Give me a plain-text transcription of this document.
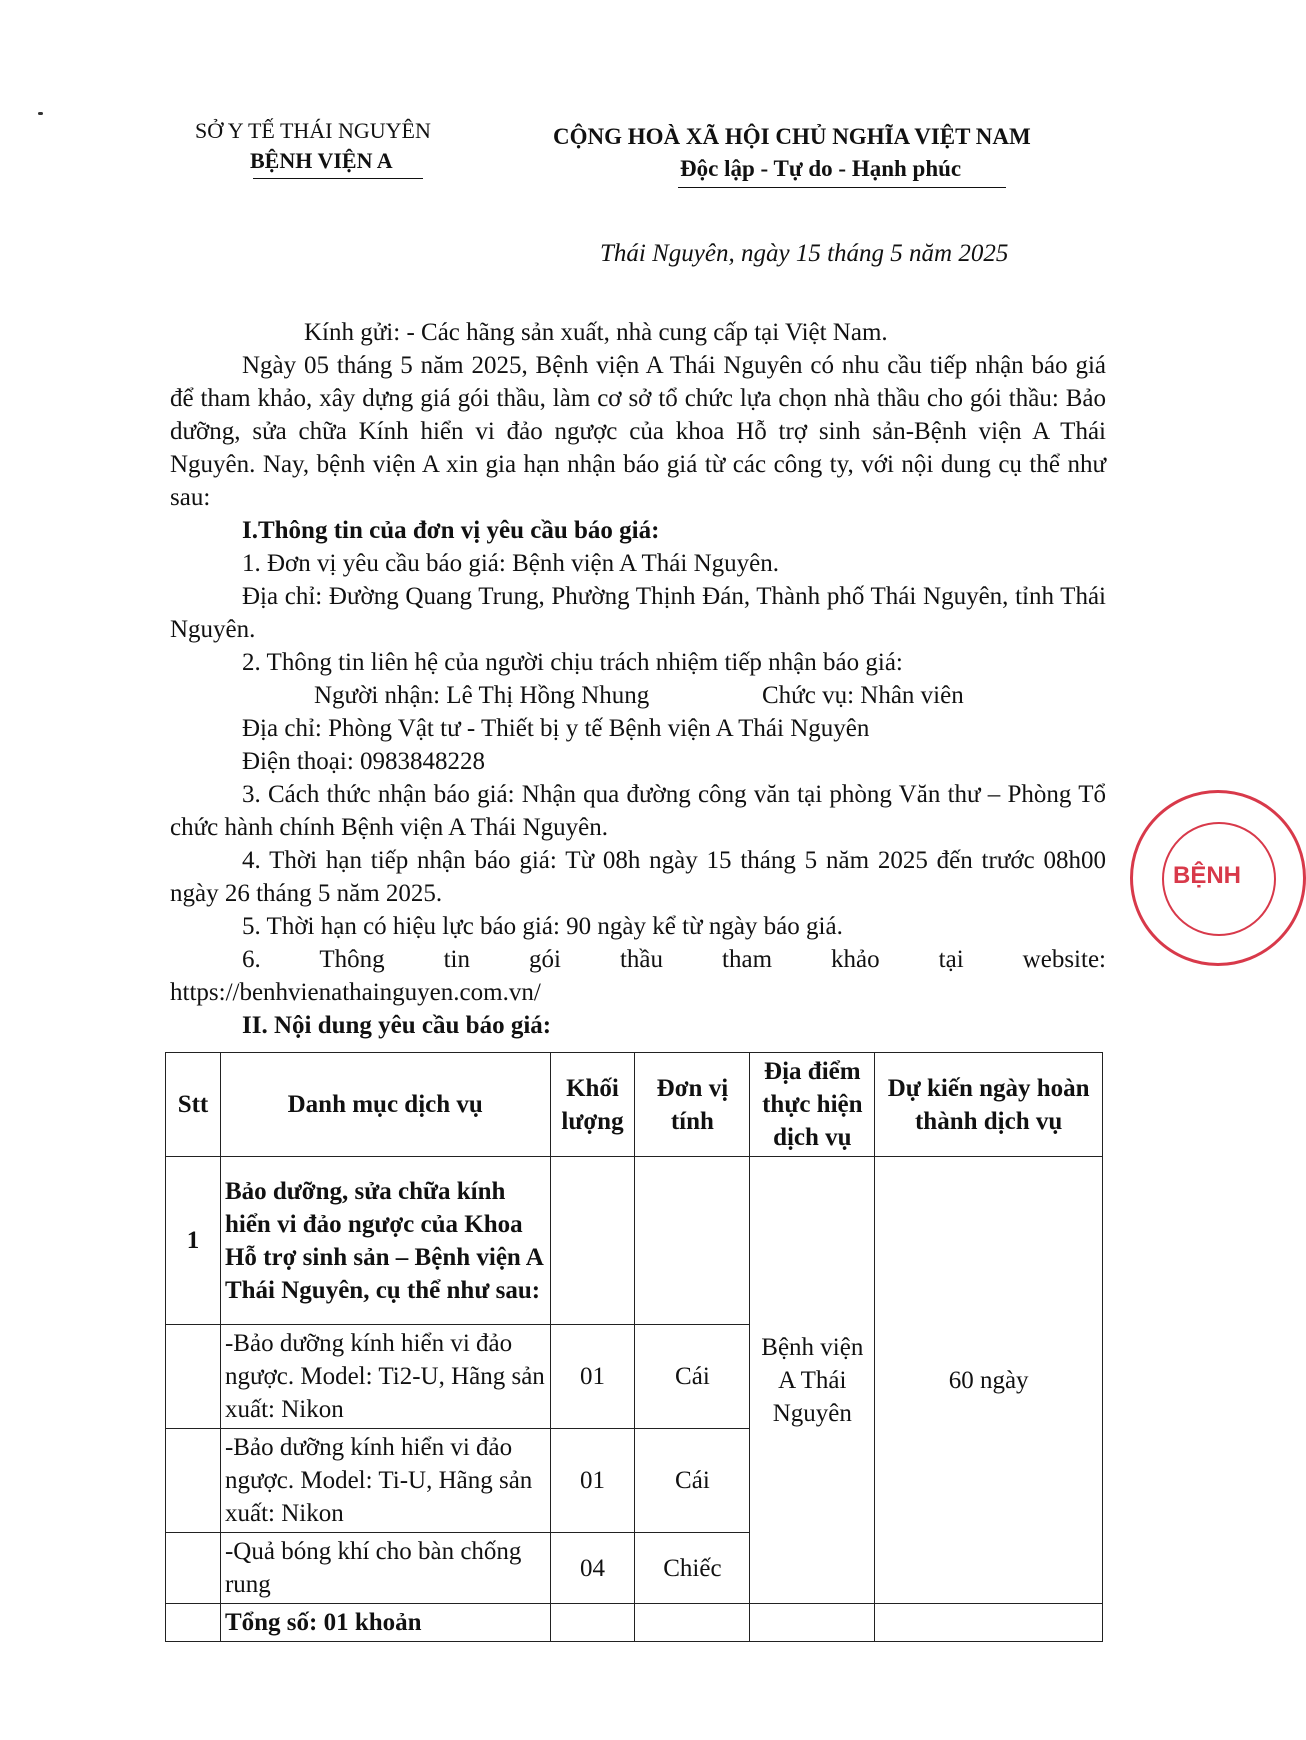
SỞ Y TẾ THÁI NGUYÊN
BỆNH VIỆN A
CỘNG HOÀ XÃ HỘI CHỦ NGHĨA VIỆT NAM
Độc lập - Tự do - Hạnh phúc
Thái Nguyên, ngày 15 tháng 5 năm 2025

Kính gửi: - Các hãng sản xuất, nhà cung cấp tại Việt Nam.

Ngày 05 tháng 5 năm 2025, Bệnh viện A Thái Nguyên có nhu cầu tiếp nhận báo giá để tham khảo, xây dựng giá gói thầu, làm cơ sở tổ chức lựa chọn nhà thầu cho gói thầu: Bảo dưỡng, sửa chữa Kính hiển vi đảo ngược của khoa Hỗ trợ sinh sản-Bệnh viện A Thái Nguyên. Nay, bệnh viện A xin gia hạn nhận báo giá từ các công ty, với nội dung cụ thể như sau:

I.Thông tin của đơn vị yêu cầu báo giá:

1. Đơn vị yêu cầu báo giá: Bệnh viện A Thái Nguyên.

Địa chỉ: Đường Quang Trung, Phường Thịnh Đán, Thành phố Thái Nguyên, tỉnh Thái Nguyên.

2. Thông tin liên hệ của người chịu trách nhiệm tiếp nhận báo giá:

Người nhận: Lê Thị Hồng Nhung	Chức vụ: Nhân viên

Địa chỉ: Phòng Vật tư - Thiết bị y tế Bệnh viện A Thái Nguyên

Điện thoại: 0983848228

3. Cách thức nhận báo giá: Nhận qua đường công văn tại phòng Văn thư – Phòng Tổ chức hành chính Bệnh viện A Thái Nguyên.

4. Thời hạn tiếp nhận báo giá: Từ 08h ngày 15 tháng 5 năm 2025 đến trước 08h00 ngày 26 tháng 5 năm 2025.

5. Thời hạn có hiệu lực báo giá: 90 ngày kể từ ngày báo giá.

6. Thông tin gói thầu tham khảo tại website:

https://benhvienathainguyen.com.vn/

II. Nội dung yêu cầu báo giá:

Stt	Danh mục dịch vụ	Khối lượng	Đơn vị tính	Địa điểm thực hiện dịch vụ	Dự kiến ngày hoàn thành dịch vụ
1	Bảo dưỡng, sửa chữa kính hiển vi đảo ngược của Khoa Hỗ trợ sinh sản – Bệnh viện A Thái Nguyên, cụ thể như sau:			Bệnh viện A Thái Nguyên	60 ngày
	-Bảo dưỡng kính hiển vi đảo ngược. Model: Ti2-U, Hãng sản xuất: Nikon	01	Cái		
	-Bảo dưỡng kính hiển vi đảo ngược. Model: Ti-U, Hãng sản xuất: Nikon	01	Cái		
	-Quả bóng khí cho bàn chống rung	04	Chiếc		
	Tổng số: 01 khoản				
BỆNH
